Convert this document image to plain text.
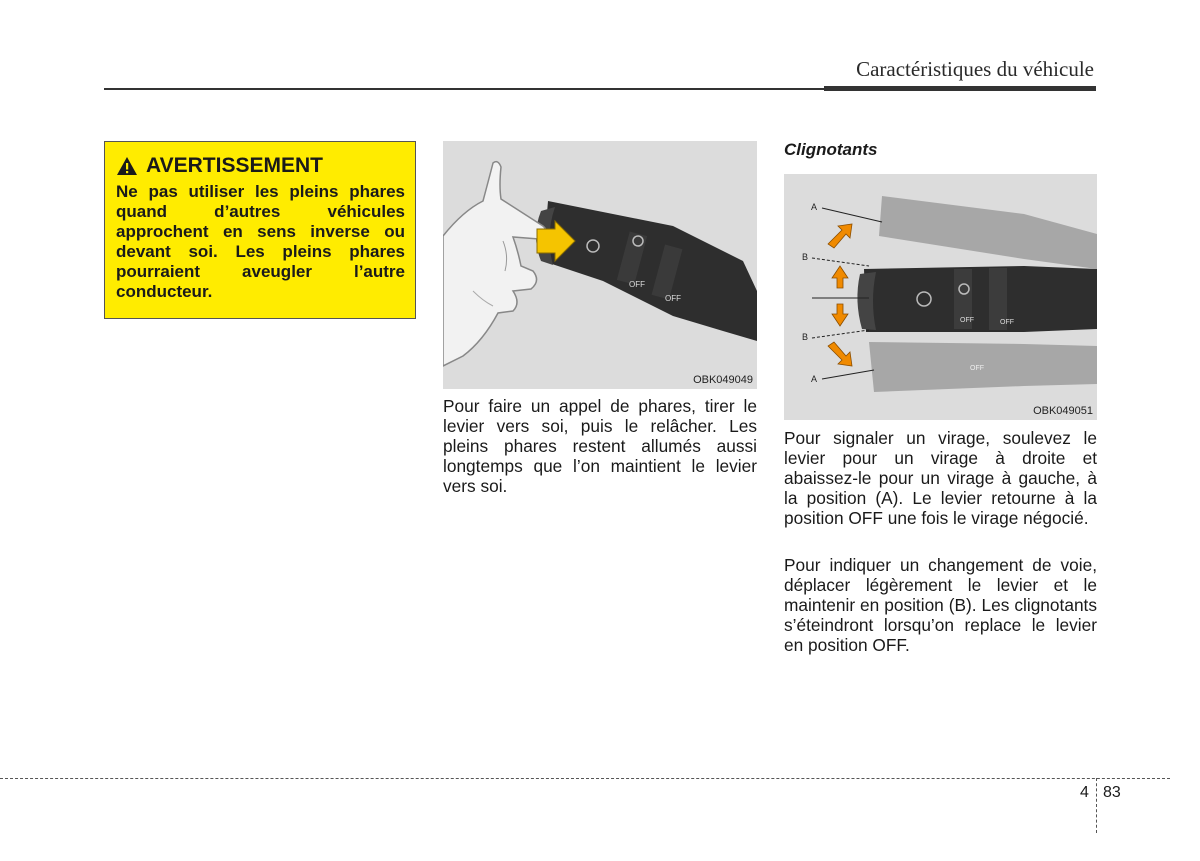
Caractéristiques du véhicule
AVERTISSEMENT
Ne pas utiliser les pleins phares quand d’autres véhicules approchent en sens inverse ou devant soi. Les pleins phares pourraient aveugler l’autre conducteur.	OFF
OFF
OBK049049
Pour faire un appel de phares, tirer le levier vers soi, puis le relâcher. Les pleins phares restent allumés aussi longtemps que l’on maintient le levier vers soi.
Clignotants
A
B
B
A
OFF	OFF
OFF
OBK049051
Pour signaler un virage, soulevez le levier pour un virage à droite et abaissez-le pour un virage à gauche, à la position (A). Le levier retourne à la position OFF une fois le virage négocié.
Pour indiquer un changement de voie, déplacer légèrement le levier et le maintenir en position (B). Les clignotants s’éteindront lorsqu’on replace le levier en position OFF.
4 83
